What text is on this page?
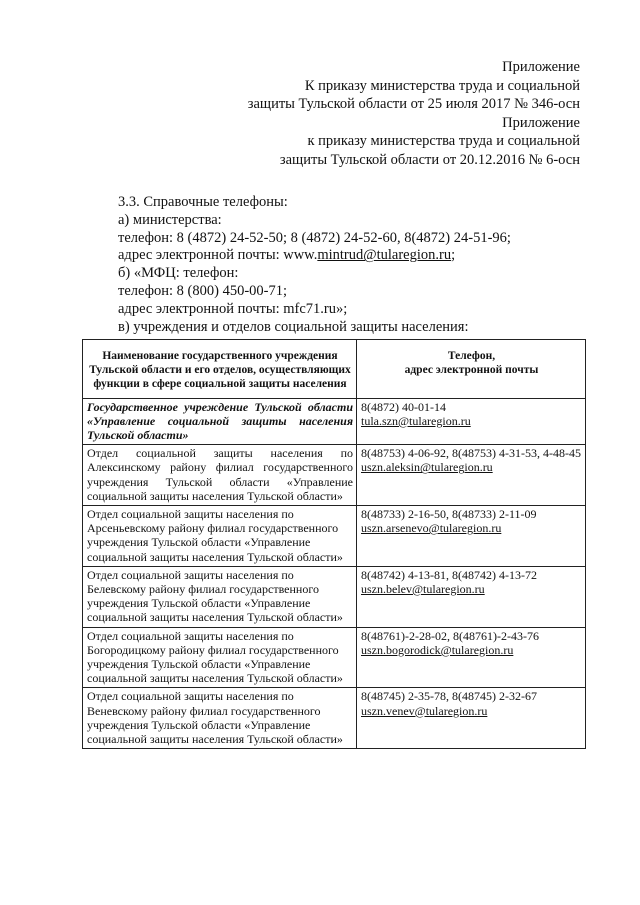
Приложение
К приказу министерства труда и социальной
защиты Тульской области от 25 июля 2017 № 346-осн
Приложение
к приказу министерства труда и социальной
защиты Тульской области от 20.12.2016 № 6-осн
3.3. Справочные телефоны:
а) министерства:
телефон: 8 (4872) 24-52-50; 8 (4872) 24-52-60, 8(4872) 24-51-96;
адрес электронной почты: www.mintrud@tularegion.ru;
б) «МФЦ: телефон:
телефон: 8 (800) 450-00-71;
адрес электронной почты: mfc71.ru»;
в) учреждения и отделов социальной защиты населения:
Наименование государственного учреждения Тульской области и его отделов, осуществляющих функции в сфере социальной защиты населения	Телефон,
адрес электронной почты

Государственное учреждение Тульской области «Управление социальной защиты населения Тульской области»	8(4872) 40-01-14
tula.szn@tularegion.ru

Отдел социальной защиты населения по Алексинскому району филиал государственного учреждения Тульской области «Управление социальной защиты населения Тульской области»	8(48753) 4-06-92, 8(48753) 4-31-53, 4-48-45
uszn.aleksin@tularegion.ru

Отдел социальной защиты населения по Арсеньевскому району филиал государственного учреждения Тульской области «Управление социальной защиты населения Тульской области»	8(48733) 2-16-50, 8(48733) 2-11-09
uszn.arsenevo@tularegion.ru

Отдел социальной защиты населения по Белевскому району филиал государственного учреждения Тульской области «Управление социальной защиты населения Тульской области»	8(48742) 4-13-81, 8(48742) 4-13-72
uszn.belev@tularegion.ru

Отдел социальной защиты населения по Богородицкому району филиал государственного учреждения Тульской области «Управление социальной защиты населения Тульской области»	8(48761)-2-28-02, 8(48761)-2-43-76
uszn.bogorodick@tularegion.ru

Отдел социальной защиты населения по Веневскому району филиал государственного учреждения Тульской области «Управление социальной защиты населения Тульской области»	8(48745) 2-35-78, 8(48745) 2-32-67
uszn.venev@tularegion.ru
